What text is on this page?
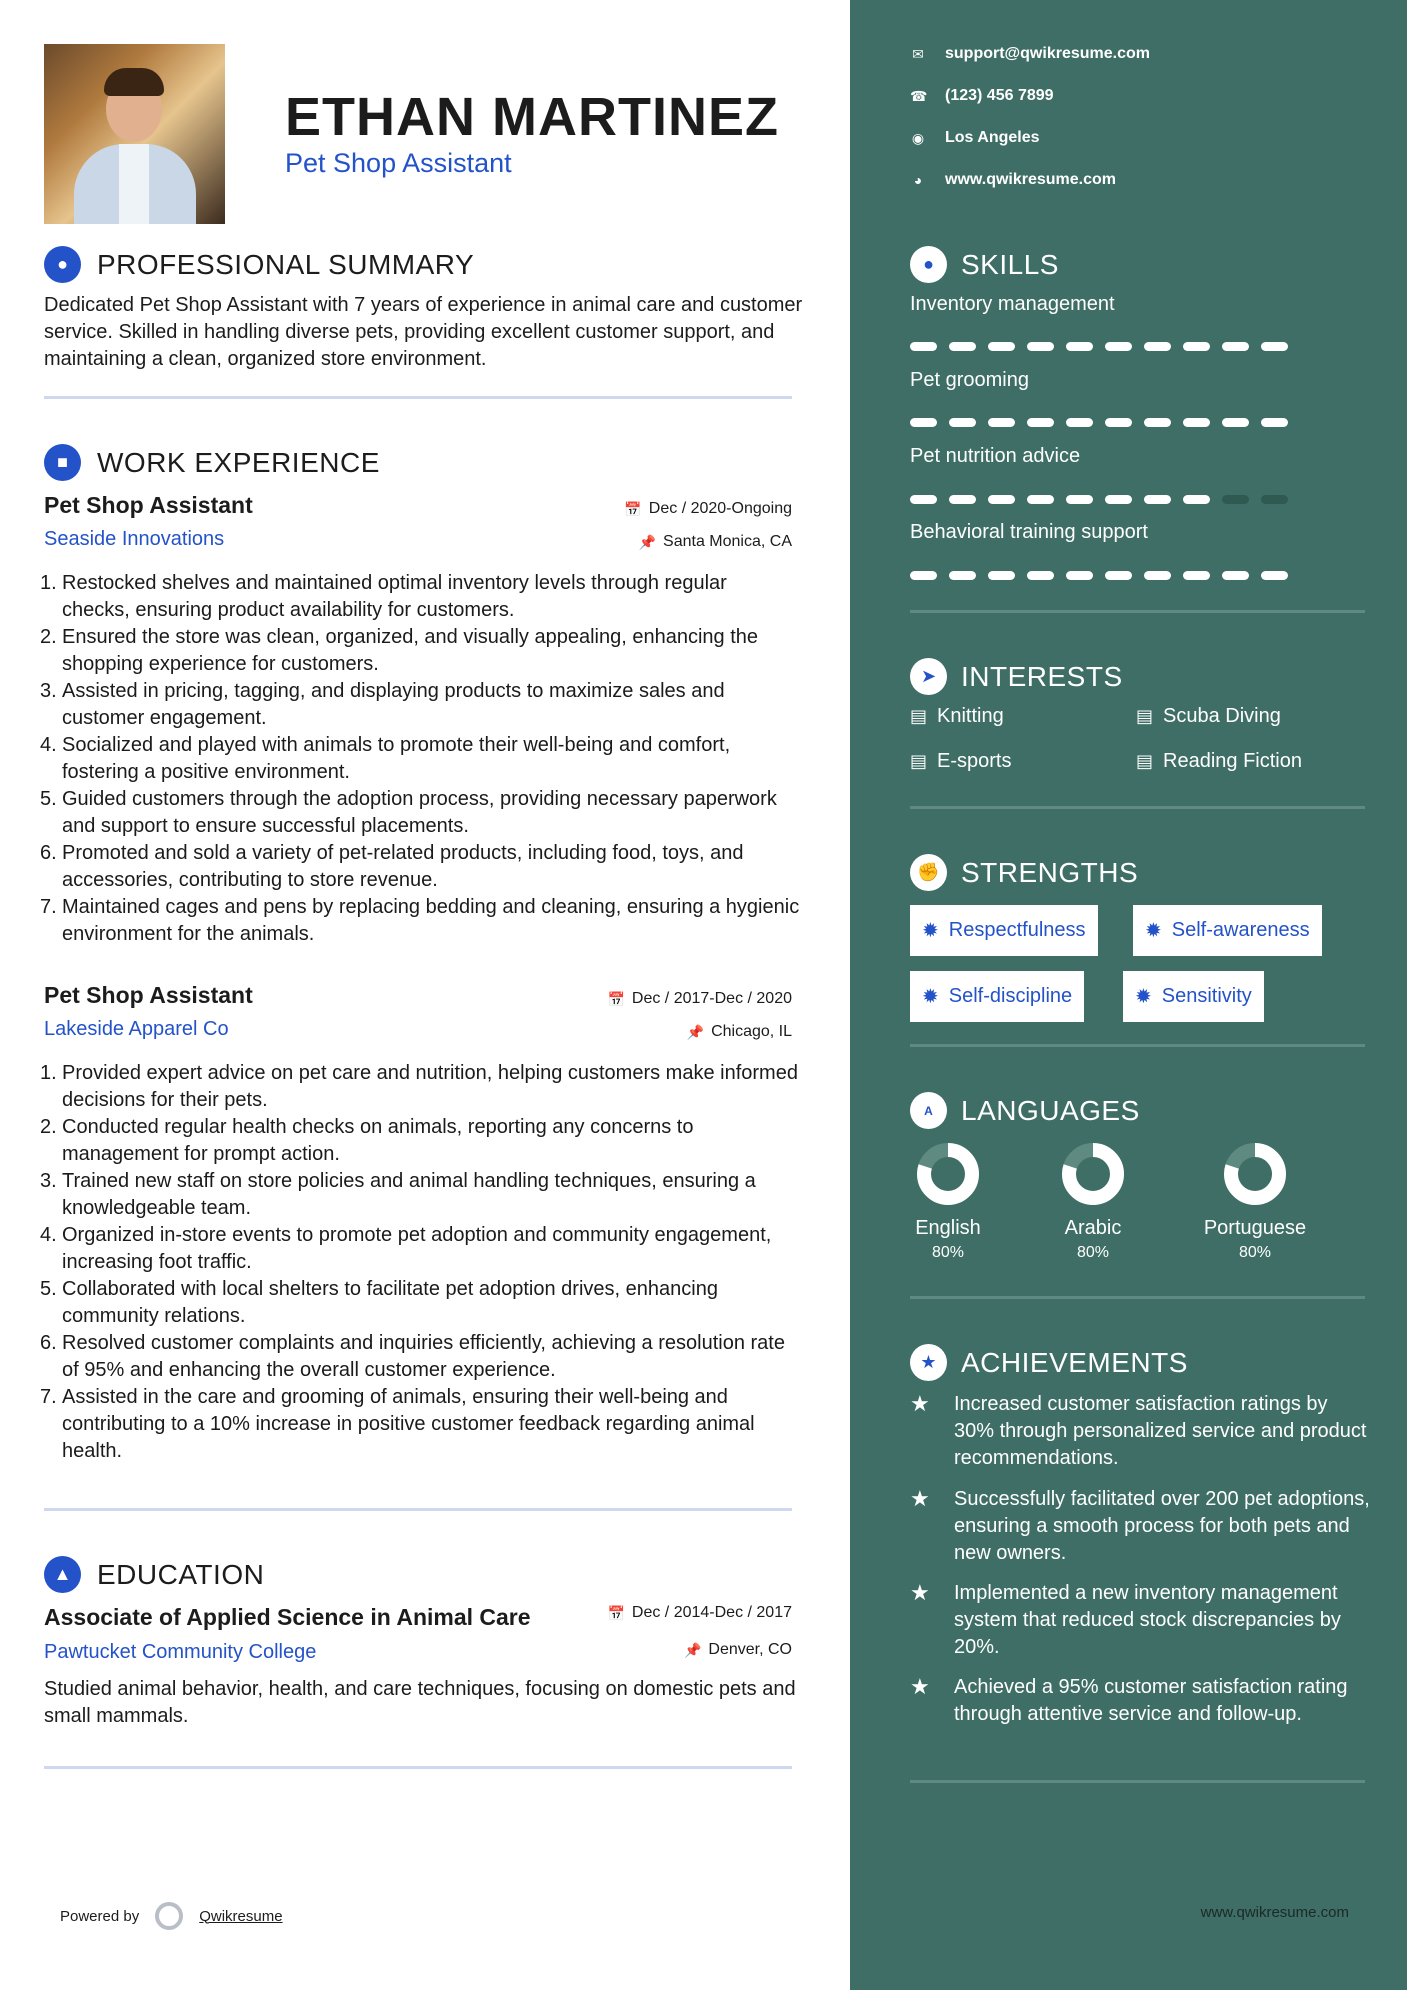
ETHAN MARTINEZ
Pet Shop Assistant
●	PROFESSIONAL SUMMARY
Dedicated Pet Shop Assistant with 7 years of experience in animal care and customer service. Skilled in handling diverse pets, providing excellent customer support, and maintaining a clean, organized store environment.
■	WORK EXPERIENCE
Pet Shop Assistant	📅 Dec / 2020-Ongoing
Seaside Innovations	📌 Santa Monica, CA
Restocked shelves and maintained optimal inventory levels through regular checks, ensuring product availability for customers.
Ensured the store was clean, organized, and visually appealing, enhancing the shopping experience for customers.
Assisted in pricing, tagging, and displaying products to maximize sales and customer engagement.
Socialized and played with animals to promote their well-being and comfort, fostering a positive environment.
Guided customers through the adoption process, providing necessary paperwork and support to ensure successful placements.
Promoted and sold a variety of pet-related products, including food, toys, and accessories, contributing to store revenue.
Maintained cages and pens by replacing bedding and cleaning, ensuring a hygienic environment for the animals.
Pet Shop Assistant	📅 Dec / 2017-Dec / 2020
Lakeside Apparel Co	📌 Chicago, IL
Provided expert advice on pet care and nutrition, helping customers make informed decisions for their pets.
Conducted regular health checks on animals, reporting any concerns to management for prompt action.
Trained new staff on store policies and animal handling techniques, ensuring a knowledgeable team.
Organized in-store events to promote pet adoption and community engagement, increasing foot traffic.
Collaborated with local shelters to facilitate pet adoption drives, enhancing community relations.
Resolved customer complaints and inquiries efficiently, achieving a resolution rate of 95% and enhancing the overall customer experience.
Assisted in the care and grooming of animals, ensuring their well-being and contributing to a 10% increase in positive customer feedback regarding animal health.
▲ EDUCATION
Associate of Applied Science in Animal Care	📅 Dec / 2014-Dec / 2017
Pawtucket Community College	📌 Denver, CO
Studied animal behavior, health, and care techniques, focusing on domestic pets and small mammals.
Powered by	Qwikresume
✉ support@qwikresume.com
☎ (123) 456 7899
◉ Los Angeles
◕ www.qwikresume.com
● SKILLS
Inventory management
Pet grooming
Pet nutrition advice
Behavioral training support
➤ INTERESTS
▤ Knitting	▤ Scuba Diving
▤ E-sports	▤ Reading Fiction
✊ STRENGTHS
✹ Respectfulness	✹ Self-awareness
✹ Self-discipline	✹ Sensitivity
A	LANGUAGES
English
80%
Arabic
80%
Portuguese
80%
★ ACHIEVEMENTS
★	Increased customer satisfaction ratings by 30% through personalized service and product recommendations.
★	Successfully facilitated over 200 pet adoptions, ensuring a smooth process for both pets and new owners.
★	Implemented a new inventory management system that reduced stock discrepancies by 20%.
★	Achieved a 95% customer satisfaction rating through attentive service and follow-up.
www.qwikresume.com
